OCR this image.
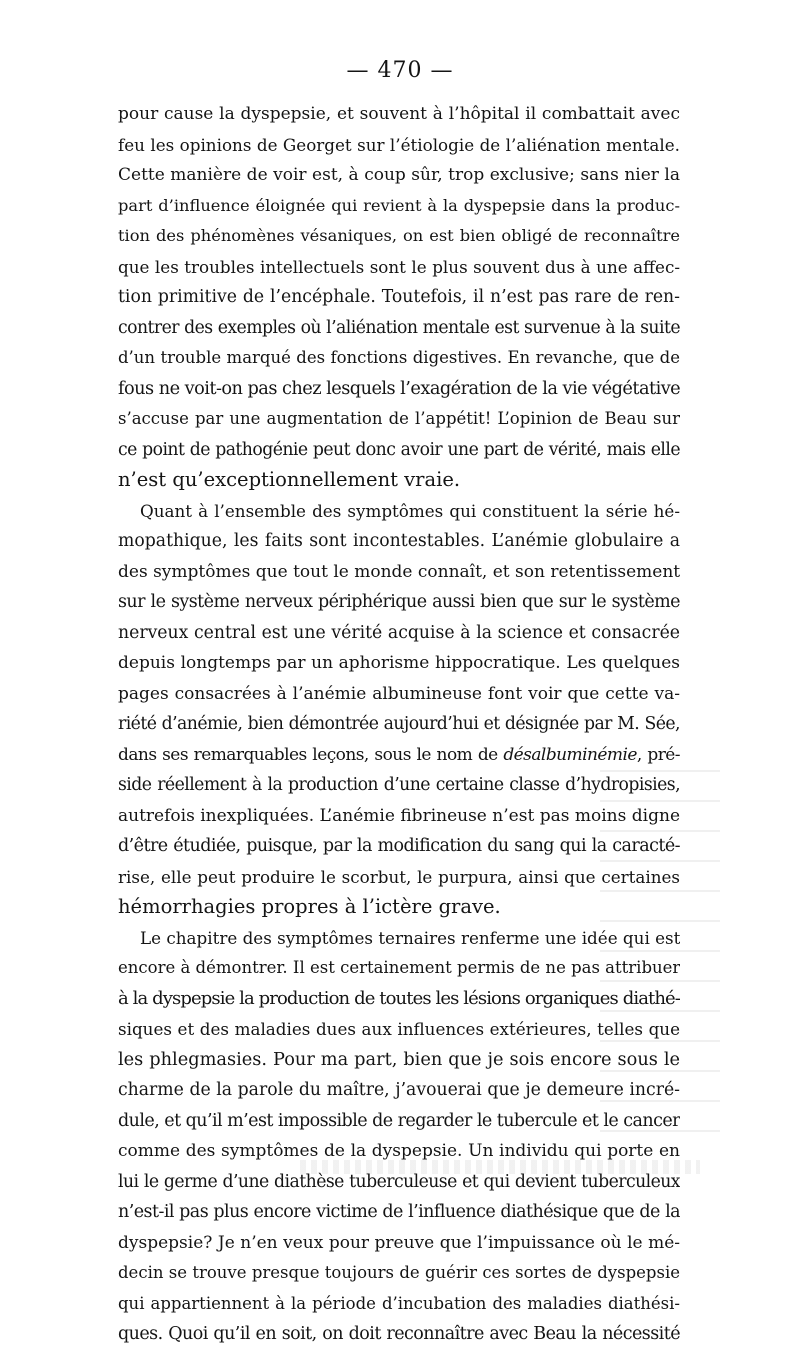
— 470 —
pour cause la dyspepsie, et souvent à l’hôpital il combattait avec
feu les opinions de Georget sur l’étiologie de l’aliénation mentale.
Cette manière de voir est, à coup sûr, trop exclusive; sans nier la
part d’influence éloignée qui revient à la dyspepsie dans la produc-
tion des phénomènes vésaniques, on est bien obligé de reconnaître
que les troubles intellectuels sont le plus souvent dus à une affec-
tion primitive de l’encéphale. Toutefois, il n’est pas rare de ren-
contrer des exemples où l’aliénation mentale est survenue à la suite
d’un trouble marqué des fonctions digestives. En revanche, que de
fous ne voit-on pas chez lesquels l’exagération de la vie végétative
s’accuse par une augmentation de l’appétit! L’opinion de Beau sur
ce point de pathogénie peut donc avoir une part de vérité, mais elle
n’est qu’exceptionnellement vraie.
Quant à l’ensemble des symptômes qui constituent la série hé-
mopathique, les faits sont incontestables. L’anémie globulaire a
des symptômes que tout le monde connaît, et son retentissement
sur le système nerveux périphérique aussi bien que sur le système
nerveux central est une vérité acquise à la science et consacrée
depuis longtemps par un aphorisme hippocratique. Les quelques
pages consacrées à l’anémie albumineuse font voir que cette va-
riété d’anémie, bien démontrée aujourd’hui et désignée par M. Sée,
dans ses remarquables leçons, sous le nom de désalbuminémie, pré-
side réellement à la production d’une certaine classe d’hydropisies,
autrefois inexpliquées. L’anémie fibrineuse n’est pas moins digne
d’être étudiée, puisque, par la modification du sang qui la caracté-
rise, elle peut produire le scorbut, le purpura, ainsi que certaines
hémorrhagies propres à l’ictère grave.
Le chapitre des symptômes ternaires renferme une idée qui est
encore à démontrer. Il est certainement permis de ne pas attribuer
à la dyspepsie la production de toutes les lésions organiques diathé-
siques et des maladies dues aux influences extérieures, telles que
les phlegmasies. Pour ma part, bien que je sois encore sous le
charme de la parole du maître, j’avouerai que je demeure incré-
dule, et qu’il m’est impossible de regarder le tubercule et le cancer
comme des symptômes de la dyspepsie. Un individu qui porte en
lui le germe d’une diathèse tuberculeuse et qui devient tuberculeux
n’est-il pas plus encore victime de l’influence diathésique que de la
dyspepsie? Je n’en veux pour preuve que l’impuissance où le mé-
decin se trouve presque toujours de guérir ces sortes de dyspepsie
qui appartiennent à la période d’incubation des maladies diathési-
ques. Quoi qu’il en soit, on doit reconnaître avec Beau la nécessité
